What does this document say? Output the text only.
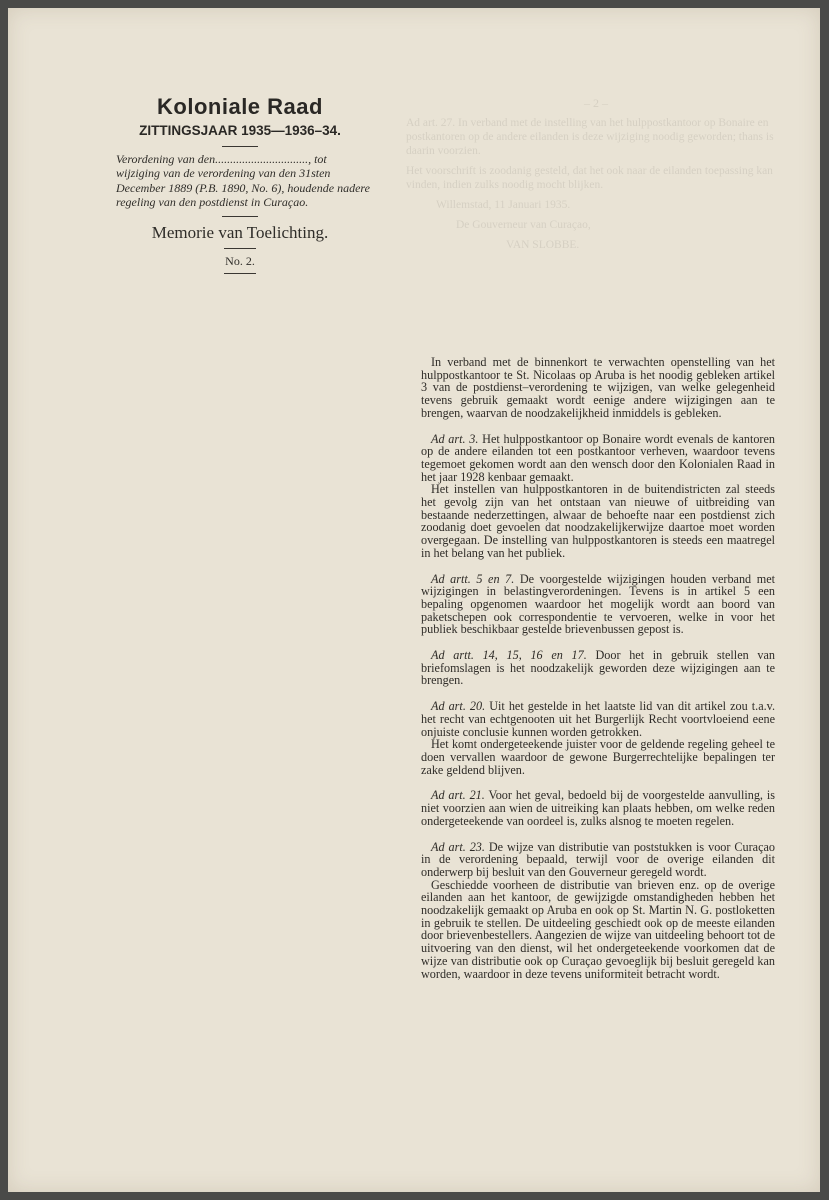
Koloniale Raad
ZITTINGSJAAR 1935—1936–34.
Verordening van den..............................., tot wijziging van de verordening van den 31sten December 1889 (P.B. 1890, No. 6), houdende nadere regeling van den postdienst in Curaçao.
Memorie van Toelichting.
No. 2.
– 2 –

Ad art. 27. In verband met de instelling van het hulppostkantoor op Bonaire en postkantoren op de andere eilanden is deze wijziging noodig geworden; thans is daarin voorzien.

Het voorschrift is zoodanig gesteld, dat het ook naar de eilanden toepassing kan vinden, indien zulks noodig mocht blijken.

Willemstad, 11 Januari 1935.

De Gouverneur van Curaçao,

VAN SLOBBE.

In verband met de binnenkort te verwachten openstelling van het hulppostkantoor te St. Nicolaas op Aruba is het noodig gebleken artikel 3 van de postdienst–verordening te wijzigen, van welke gelegenheid tevens gebruik gemaakt wordt eenige andere wijzigingen aan te brengen, waarvan de noodzakelijkheid inmiddels is gebleken.

Ad art. 3. Het hulppostkantoor op Bonaire wordt evenals de kantoren op de andere eilanden tot een postkantoor verheven, waardoor tevens tegemoet gekomen wordt aan den wensch door den Kolonialen Raad in het jaar 1928 kenbaar gemaakt.

Het instellen van hulppostkantoren in de buitendistricten zal steeds het gevolg zijn van het ontstaan van nieuwe of uitbreiding van bestaande nederzettingen, alwaar de behoefte naar een postdienst zich zoodanig doet gevoelen dat noodzakelijkerwijze daartoe moet worden overgegaan. De instelling van hulppostkantoren is steeds een maatregel in het belang van het publiek.

Ad artt. 5 en 7. De voorgestelde wijzigingen houden verband met wijzigingen in belastingverordeningen. Tevens is in artikel 5 een bepaling opgenomen waardoor het mogelijk wordt aan boord van paketschepen ook correspondentie te vervoeren, welke in voor het publiek beschikbaar gestelde brievenbussen gepost is.

Ad artt. 14, 15, 16 en 17. Door het in gebruik stellen van briefomslagen is het noodzakelijk geworden deze wijzigingen aan te brengen.

Ad art. 20. Uit het gestelde in het laatste lid van dit artikel zou t.a.v. het recht van echtgenooten uit het Burgerlijk Recht voortvloeiend eene onjuiste conclusie kunnen worden getrokken.

Het komt ondergeteekende juister voor de geldende regeling geheel te doen vervallen waardoor de gewone Burgerrechtelijke bepalingen ter zake geldend blijven.

Ad art. 21. Voor het geval, bedoeld bij de voorgestelde aanvulling, is niet voorzien aan wien de uitreiking kan plaats hebben, om welke reden ondergeteekende van oordeel is, zulks alsnog te moeten regelen.

Ad art. 23. De wijze van distributie van poststukken is voor Curaçao in de verordening bepaald, terwijl voor de overige eilanden dit onderwerp bij besluit van den Gouverneur geregeld wordt.

Geschiedde voorheen de distributie van brieven enz. op de overige eilanden aan het kantoor, de gewijzigde omstandigheden hebben het noodzakelijk gemaakt op Aruba en ook op St. Martin N. G. postloketten in gebruik te stellen. De uitdeeling geschiedt ook op de meeste eilanden door brievenbestellers. Aangezien de wijze van uitdeeling behoort tot de uitvoering van den dienst, wil het ondergeteekende voorkomen dat de wijze van distributie ook op Curaçao gevoeglijk bij besluit geregeld kan worden, waardoor in deze tevens uniformiteit betracht wordt.
